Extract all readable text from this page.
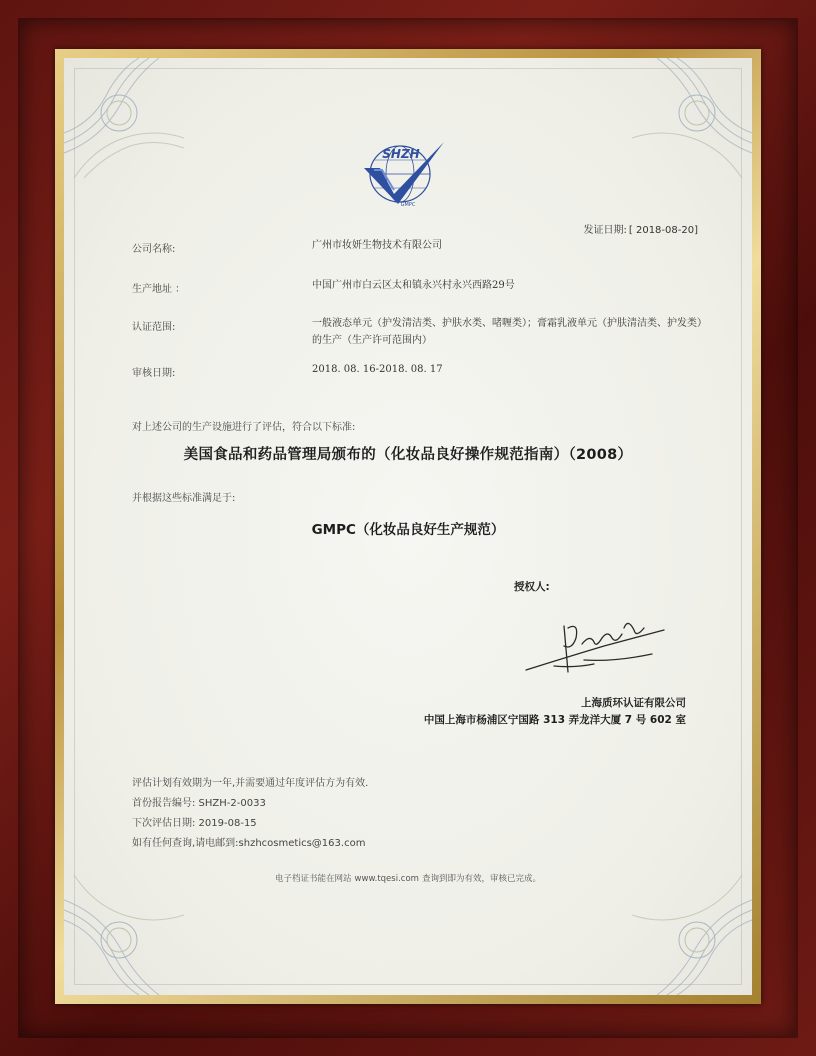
SHZH
GMPC
发证日期: [ 2018-08-20]
公司名称:	广州市妆妍生物技术有限公司
生产地址 ：	中国广州市白云区太和镇永兴村永兴西路29号
认证范围:	一般液态单元（护发清洁类、护肤水类、啫喱类）；膏霜乳液单元（护肤清洁类、护发类）的生产（生产许可范围内）
审核日期:	2018. 08. 16-2018. 08. 17
对上述公司的生产设施进行了评估，符合以下标准:
美国食品和药品管理局颁布的（化妆品良好操作规范指南）（2008）
并根据这些标准满足于:
GMPC（化妆品良好生产规范）
授权人:
上海质环认证有限公司
中国上海市杨浦区宁国路 313 弄龙洋大厦 7 号 602 室
评估计划有效期为一年,并需要通过年度评估方为有效.
首份报告编号: SHZH-2-0033
下次评估日期: 2019-08-15
如有任何查询,请电邮到:shzhcosmetics@163.com
电子档证书能在网站 www.tqesi.com 查询到即为有效，审核已完成。
